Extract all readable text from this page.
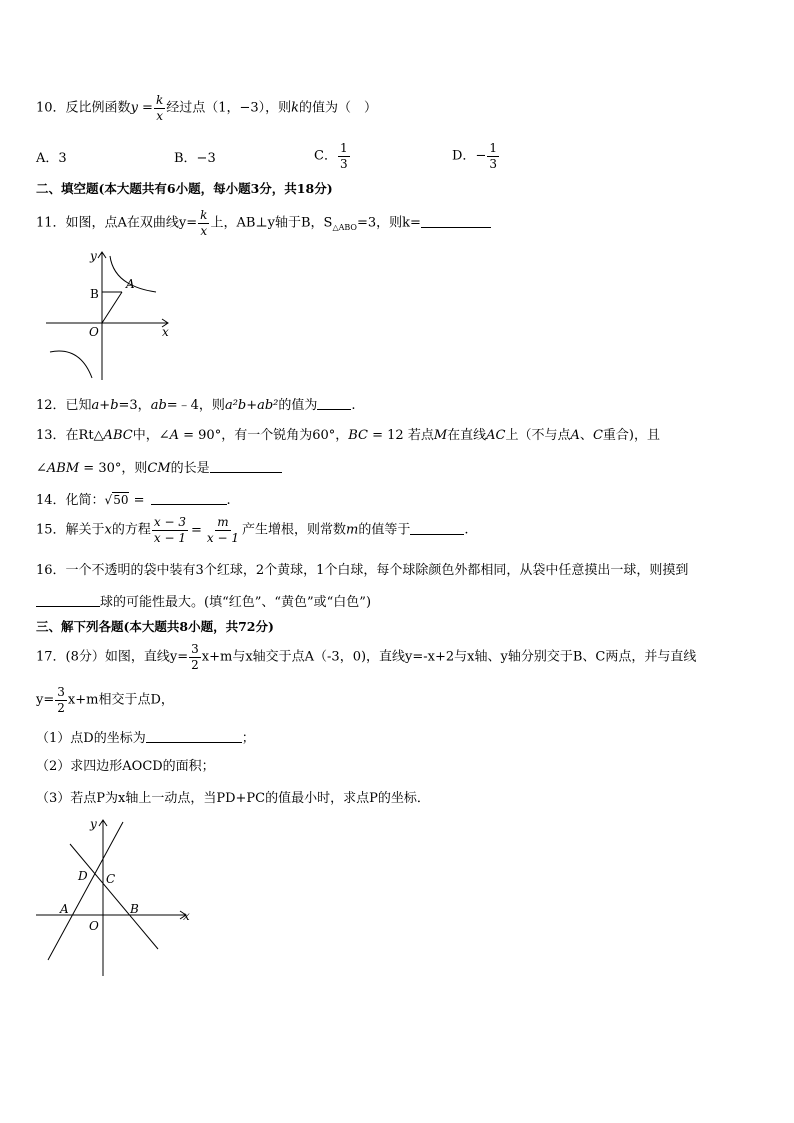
10．反比例函数$y = \frac{k}{x}$ 经过点（1，−3），则k的值为（　）
A．3	B．−3	C． $\frac{1}{3}$	D．− $\frac{1}{3}$
二、填空题(本大题共有6小题，每小题3分，共18分)
11．如图，点A在双曲线$y= \frac{k}{x}$ 上，AB⊥y轴于B，$S_{\triangle ABO}=3$，则k=
y
x
O
B
A
12．已知a+b=3，ab=﹣4，则a²b+ab²的值为	.
13．在Rt△ABC中，∠A = 90°，有一个锐角为60°，BC = 12 若点M在直线AC上（不与点A、C重合)，且
∠ABM = 30°，则CM的长是
14．化简：√50 =	.
15．解关于x的方程 $\frac{x - 3}{x - 1} = \frac{m}{x - 1}$ 产生增根，则常数m的值等于	.
16．一个不透明的袋中装有3个红球，2个黄球，1个白球，每个球除颜色外都相同，从袋中任意摸出一球，则摸到
球的可能性最大。(填“红色”、“黄色”或“白色”)
三、解下列各题(本大题共8小题，共72分)
17．(8分）如图，直线$y= \frac{3}{2} x+m$与x轴交于点A（-3，0)，直线y=-x+2与x轴、y轴分别交于B、C两点，并与直线
$y= \frac{3}{2} x+m$相交于点D，
（1）点D的坐标为	；
（2）求四边形AOCD的面积；
（3）若点P为x轴上一动点，当PD+PC的值最小时，求点P的坐标．
y
x
O
A	B
C
D
